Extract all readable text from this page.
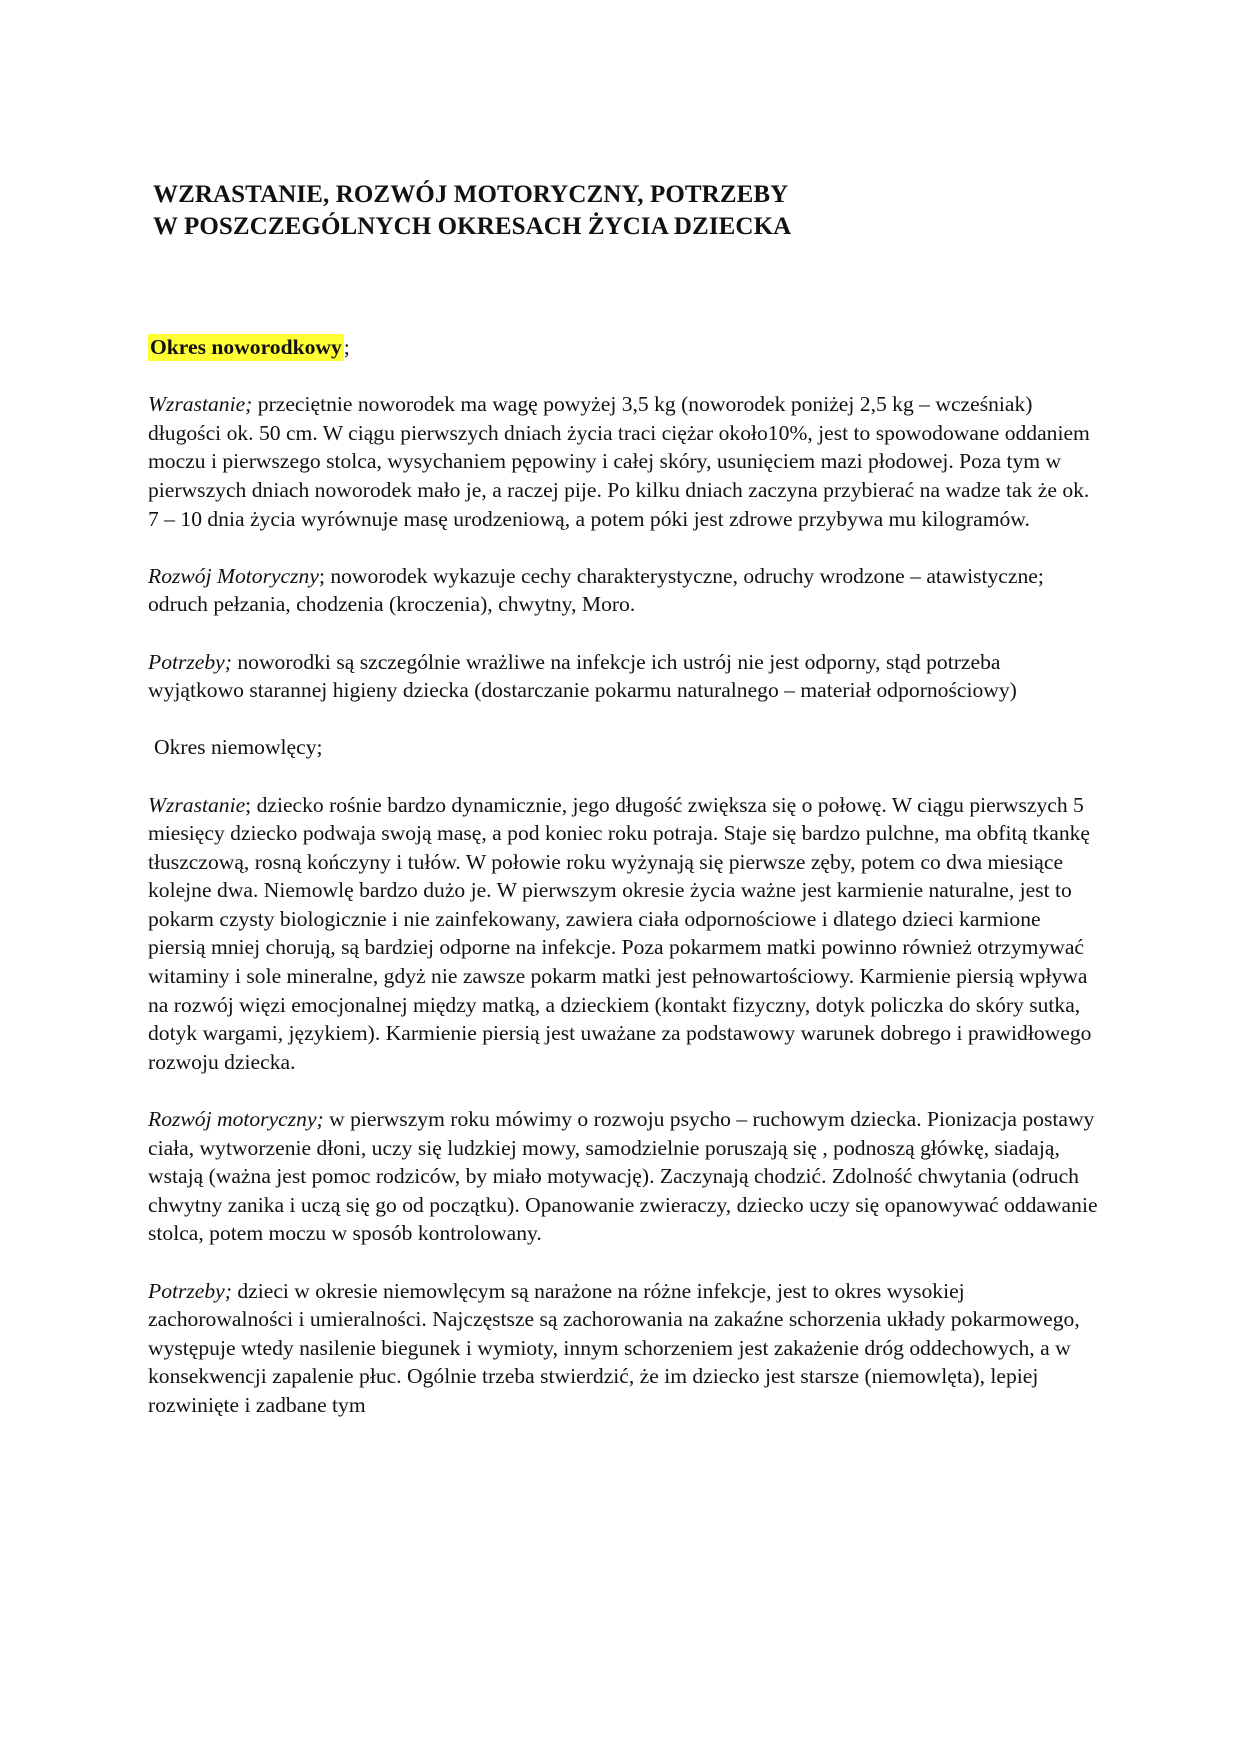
WZRASTANIE, ROZWÓJ MOTORYCZNY, POTRZEBY
W POSZCZEGÓLNYCH OKRESACH ŻYCIA DZIECKA

Okres noworodkowy;

Wzrastanie; przeciętnie noworodek ma wagę powyżej 3,5 kg (noworodek poniżej 2,5 kg – wcześniak) długości ok. 50 cm. W ciągu pierwszych dniach życia traci ciężar około10%, jest to spowodowane oddaniem moczu i pierwszego stolca, wysychaniem pępowiny i całej skóry, usunięciem mazi płodowej. Poza tym w pierwszych dniach noworodek mało je, a raczej pije. Po kilku dniach zaczyna przybierać na wadze tak że ok. 7 – 10 dnia życia wyrównuje masę urodzeniową, a potem póki jest zdrowe przybywa mu kilogramów.

Rozwój Motoryczny; noworodek wykazuje cechy charakterystyczne, odruchy wrodzone – atawistyczne; odruch pełzania, chodzenia (kroczenia), chwytny, Moro.

Potrzeby; noworodki są szczególnie wrażliwe na infekcje ich ustrój nie jest odporny, stąd potrzeba wyjątkowo starannej higieny dziecka (dostarczanie pokarmu naturalnego – materiał odpornościowy)

Okres niemowlęcy;

Wzrastanie; dziecko rośnie bardzo dynamicznie, jego długość zwiększa się o połowę. W ciągu pierwszych 5 miesięcy dziecko podwaja swoją masę, a pod koniec roku potraja. Staje się bardzo pulchne, ma obfitą tkankę tłuszczową, rosną kończyny i tułów. W połowie roku wyżynają się pierwsze zęby, potem co dwa miesiące kolejne dwa. Niemowlę bardzo dużo je. W pierwszym okresie życia ważne jest karmienie naturalne, jest to pokarm czysty biologicznie i nie zainfekowany, zawiera ciała odpornościowe i dlatego dzieci karmione piersią mniej chorują, są bardziej odporne na infekcje. Poza pokarmem matki powinno również otrzymywać witaminy i sole mineralne, gdyż nie zawsze pokarm matki jest pełnowartościowy. Karmienie piersią wpływa na rozwój więzi emocjonalnej między matką, a dzieckiem (kontakt fizyczny, dotyk policzka do skóry sutka, dotyk wargami, językiem). Karmienie piersią jest uważane za podstawowy warunek dobrego i prawidłowego rozwoju dziecka.

Rozwój motoryczny; w pierwszym roku mówimy o rozwoju psycho – ruchowym dziecka. Pionizacja postawy ciała, wytworzenie dłoni, uczy się ludzkiej mowy, samodzielnie poruszają się , podnoszą główkę, siadają, wstają (ważna jest pomoc rodziców, by miało motywację). Zaczynają chodzić. Zdolność chwytania (odruch chwytny zanika i uczą się go od początku). Opanowanie zwieraczy, dziecko uczy się opanowywać oddawanie stolca, potem moczu w sposób kontrolowany.

Potrzeby; dzieci w okresie niemowlęcym są narażone na różne infekcje, jest to okres wysokiej zachorowalności i umieralności. Najczęstsze są zachorowania na zakaźne schorzenia układy pokarmowego, występuje wtedy nasilenie biegunek i wymioty, innym schorzeniem jest zakażenie dróg oddechowych, a w konsekwencji zapalenie płuc. Ogólnie trzeba stwierdzić, że im dziecko jest starsze (niemowlęta), lepiej rozwinięte i zadbane tym
